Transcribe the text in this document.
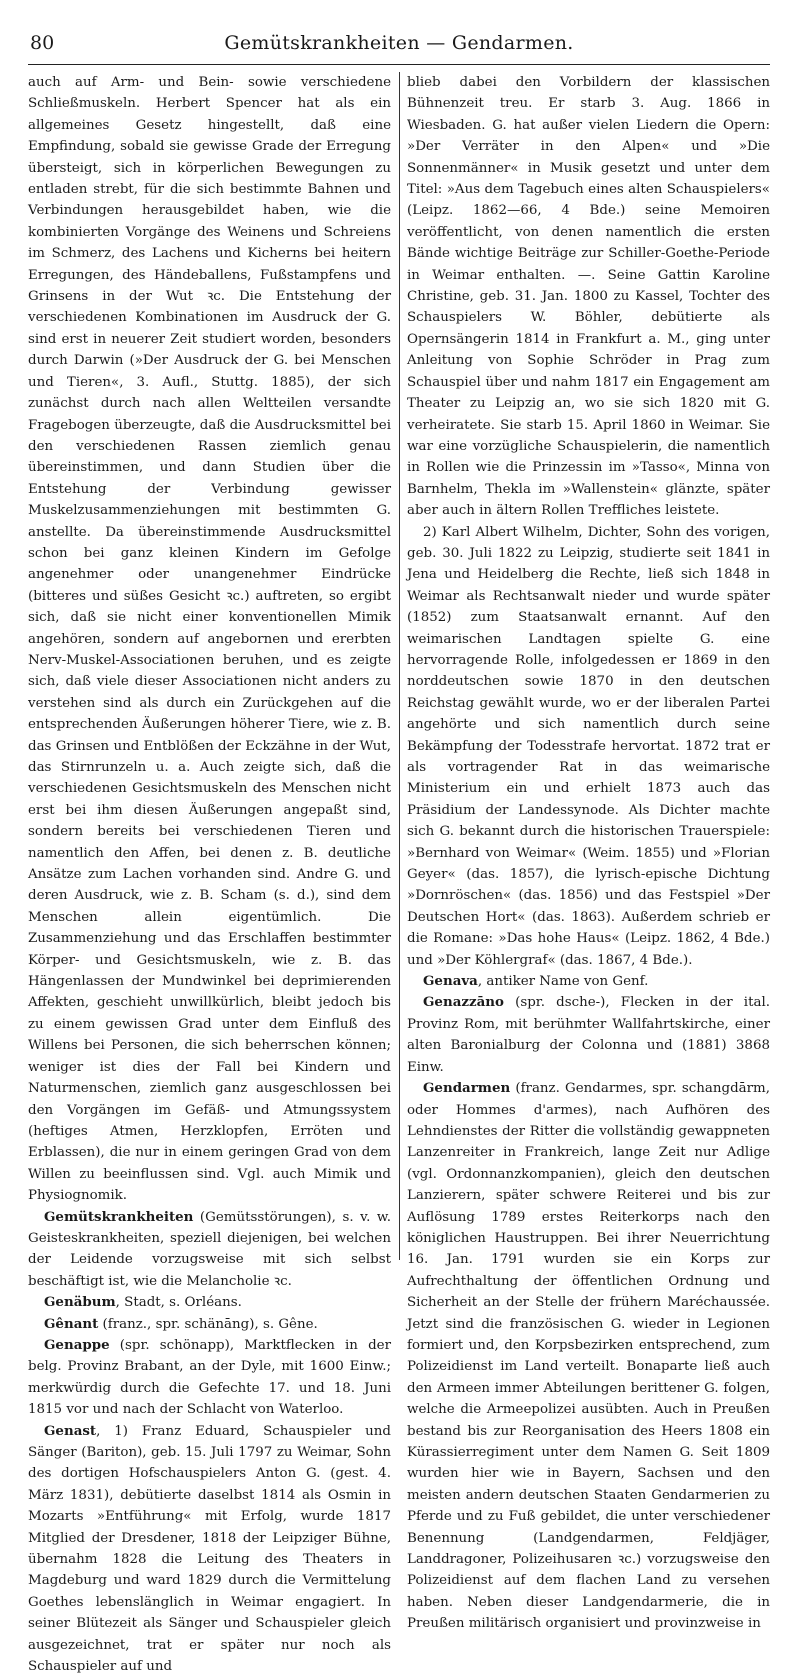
80	Gemütskrankheiten — Gendarmen.

auch auf Arm- und Bein- sowie verschiedene Schließmuskeln. Herbert Spencer hat als ein allgemeines Gesetz hingestellt, daß eine Empfindung, sobald sie gewisse Grade der Erregung übersteigt, sich in körperlichen Bewegungen zu entladen strebt, für die sich bestimmte Bahnen und Verbindungen herausgebildet haben, wie die kombinierten Vorgänge des Weinens und Schreiens im Schmerz, des Lachens und Kicherns bei heitern Erregungen, des Händeballens, Fußstampfens und Grinsens in der Wut ꝛc. Die Entstehung der verschiedenen Kombinationen im Ausdruck der G. sind erst in neuerer Zeit studiert worden, besonders durch Darwin (»Der Ausdruck der G. bei Menschen und Tieren«, 3. Aufl., Stuttg. 1885), der sich zunächst durch nach allen Weltteilen versandte Fragebogen überzeugte, daß die Ausdrucksmittel bei den verschiedenen Rassen ziemlich genau übereinstimmen, und dann Studien über die Entstehung der Verbindung gewisser Muskelzusammenziehungen mit bestimmten G. anstellte. Da übereinstimmende Ausdrucksmittel schon bei ganz kleinen Kindern im Gefolge angenehmer oder unangenehmer Eindrücke (bitteres und süßes Gesicht ꝛc.) auftreten, so ergibt sich, daß sie nicht einer konventionellen Mimik angehören, sondern auf angebornen und ererbten Nerv-Muskel-Associationen beruhen, und es zeigte sich, daß viele dieser Associationen nicht anders zu verstehen sind als durch ein Zurückgehen auf die entsprechenden Äußerungen höherer Tiere, wie z. B. das Grinsen und Entblößen der Eckzähne in der Wut, das Stirnrunzeln u. a. Auch zeigte sich, daß die verschiedenen Gesichtsmuskeln des Menschen nicht erst bei ihm diesen Äußerungen angepaßt sind, sondern bereits bei verschiedenen Tieren und namentlich den Affen, bei denen z. B. deutliche Ansätze zum Lachen vorhanden sind. Andre G. und deren Ausdruck, wie z. B. Scham (s. d.), sind dem Menschen allein eigentümlich. Die Zusammenziehung und das Erschlaffen bestimmter Körper- und Gesichtsmuskeln, wie z. B. das Hängenlassen der Mundwinkel bei deprimierenden Affekten, geschieht unwillkürlich, bleibt jedoch bis zu einem gewissen Grad unter dem Einfluß des Willens bei Personen, die sich beherrschen können; weniger ist dies der Fall bei Kindern und Naturmenschen, ziemlich ganz ausgeschlossen bei den Vorgängen im Gefäß- und Atmungssystem (heftiges Atmen, Herzklopfen, Erröten und Erblassen), die nur in einem geringen Grad von dem Willen zu beeinflussen sind. Vgl. auch Mimik und Physiognomik.

Gemütskrankheiten (Gemütsstörungen), s. v. w. Geisteskrankheiten, speziell diejenigen, bei welchen der Leidende vorzugsweise mit sich selbst beschäftigt ist, wie die Melancholie ꝛc.

Genäbum, Stadt, s. Orléans.

Gênant (franz., spr. schänāng), s. Gêne.

Genappe (spr. schönapp), Marktflecken in der belg. Provinz Brabant, an der Dyle, mit 1600 Einw.; merkwürdig durch die Gefechte 17. und 18. Juni 1815 vor und nach der Schlacht von Waterloo.

Genast, 1) Franz Eduard, Schauspieler und Sänger (Bariton), geb. 15. Juli 1797 zu Weimar, Sohn des dortigen Hofschauspielers Anton G. (gest. 4. März 1831), debütierte daselbst 1814 als Osmin in Mozarts »Entführung« mit Erfolg, wurde 1817 Mitglied der Dresdener, 1818 der Leipziger Bühne, übernahm 1828 die Leitung des Theaters in Magdeburg und ward 1829 durch die Vermittelung Goethes lebenslänglich in Weimar engagiert. In seiner Blütezeit als Sänger und Schauspieler gleich ausgezeichnet, trat er später nur noch als Schauspieler auf und

blieb dabei den Vorbildern der klassischen Bühnenzeit treu. Er starb 3. Aug. 1866 in Wiesbaden. G. hat außer vielen Liedern die Opern: »Der Verräter in den Alpen« und »Die Sonnenmänner« in Musik gesetzt und unter dem Titel: »Aus dem Tagebuch eines alten Schauspielers« (Leipz. 1862—66, 4 Bde.) seine Memoiren veröffentlicht, von denen namentlich die ersten Bände wichtige Beiträge zur Schiller-Goethe-Periode in Weimar enthalten. —. Seine Gattin Karoline Christine, geb. 31. Jan. 1800 zu Kassel, Tochter des Schauspielers W. Böhler, debütierte als Opernsängerin 1814 in Frankfurt a. M., ging unter Anleitung von Sophie Schröder in Prag zum Schauspiel über und nahm 1817 ein Engagement am Theater zu Leipzig an, wo sie sich 1820 mit G. verheiratete. Sie starb 15. April 1860 in Weimar. Sie war eine vorzügliche Schauspielerin, die namentlich in Rollen wie die Prinzessin im »Tasso«, Minna von Barnhelm, Thekla im »Wallenstein« glänzte, später aber auch in ältern Rollen Treffliches leistete.

2) Karl Albert Wilhelm, Dichter, Sohn des vorigen, geb. 30. Juli 1822 zu Leipzig, studierte seit 1841 in Jena und Heidelberg die Rechte, ließ sich 1848 in Weimar als Rechtsanwalt nieder und wurde später (1852) zum Staatsanwalt ernannt. Auf den weimarischen Landtagen spielte G. eine hervorragende Rolle, infolgedessen er 1869 in den norddeutschen sowie 1870 in den deutschen Reichstag gewählt wurde, wo er der liberalen Partei angehörte und sich namentlich durch seine Bekämpfung der Todesstrafe hervortat. 1872 trat er als vortragender Rat in das weimarische Ministerium ein und erhielt 1873 auch das Präsidium der Landessynode. Als Dichter machte sich G. bekannt durch die historischen Trauerspiele: »Bernhard von Weimar« (Weim. 1855) und »Florian Geyer« (das. 1857), die lyrisch-epische Dichtung »Dornröschen« (das. 1856) und das Festspiel »Der Deutschen Hort« (das. 1863). Außerdem schrieb er die Romane: »Das hohe Haus« (Leipz. 1862, 4 Bde.) und »Der Köhlergraf« (das. 1867, 4 Bde.).

Genava, antiker Name von Genf.

Genazzāno (spr. dsche-), Flecken in der ital. Provinz Rom, mit berühmter Wallfahrtskirche, einer alten Baronialburg der Colonna und (1881) 3868 Einw.

Gendarmen (franz. Gendarmes, spr. schangdārm, oder Hommes d'armes), nach Aufhören des Lehndienstes der Ritter die vollständig gewappneten Lanzenreiter in Frankreich, lange Zeit nur Adlige (vgl. Ordonnanzkompanien), gleich den deutschen Lanzierern, später schwere Reiterei und bis zur Auflösung 1789 erstes Reiterkorps nach den königlichen Haustruppen. Bei ihrer Neuerrichtung 16. Jan. 1791 wurden sie ein Korps zur Aufrechthaltung der öffentlichen Ordnung und Sicherheit an der Stelle der frühern Maréchaussée. Jetzt sind die französischen G. wieder in Legionen formiert und, den Korpsbezirken entsprechend, zum Polizeidienst im Land verteilt. Bonaparte ließ auch den Armeen immer Abteilungen berittener G. folgen, welche die Armeepolizei ausübten. Auch in Preußen bestand bis zur Reorganisation des Heers 1808 ein Kürassierregiment unter dem Namen G. Seit 1809 wurden hier wie in Bayern, Sachsen und den meisten andern deutschen Staaten Gendarmerien zu Pferde und zu Fuß gebildet, die unter verschiedener Benennung (Landgendarmen, Feldjäger, Landdragoner, Polizeihusaren ꝛc.) vorzugsweise den Polizeidienst auf dem flachen Land zu versehen haben. Neben dieser Landgendarmerie, die in Preußen militärisch organisiert und provinzweise in
